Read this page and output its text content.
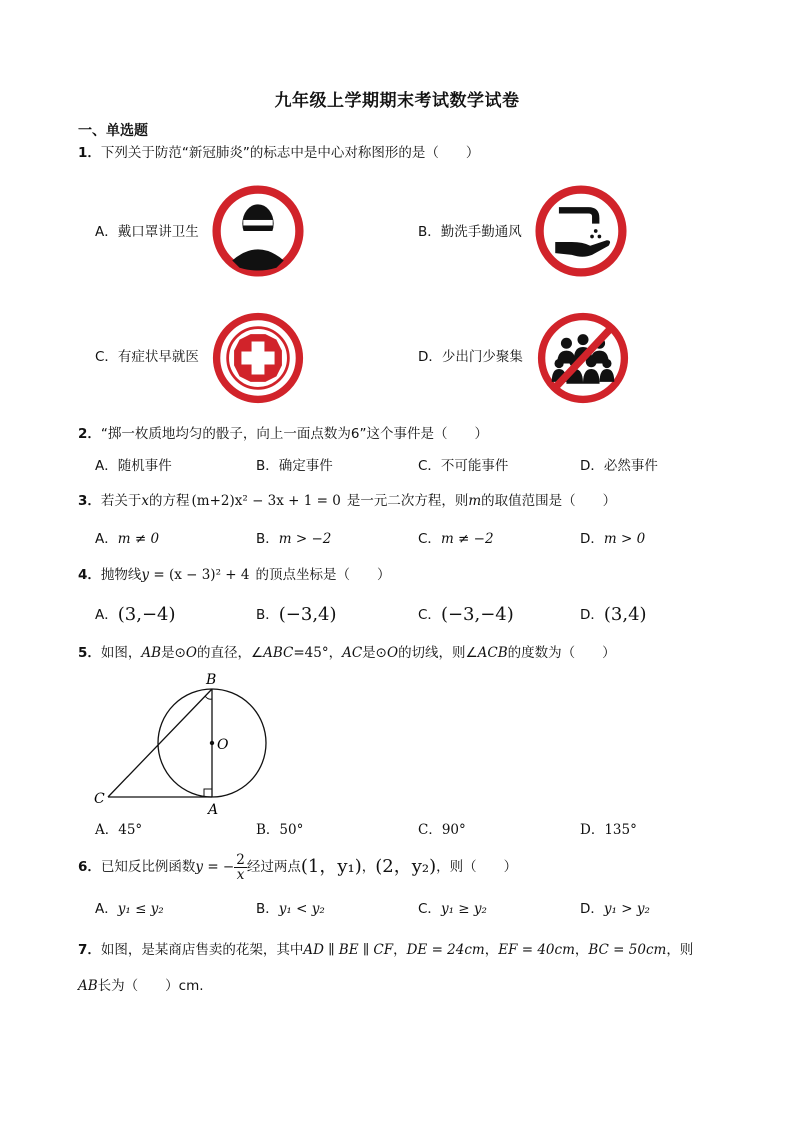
九年级上学期期末考试数学试卷
一、单选题
1．下列关于防范“新冠肺炎”的标志中是中心对称图形的是（　　）
A．戴口罩讲卫生	B．勤洗手勤通风
C．有症状早就医	D．少出门少聚集
2．“掷一枚质地均匀的骰子，向上一面点数为6”这个事件是（　　）
A．随机事件	B．确定事件	C．不可能事件	D．必然事件
3．若关于x的方程 (m+2)x² − 3x + 1 = 0 是一元二次方程，则m的取值范围是（　　）
A．m ≠ 0	B．m > −2	C．m ≠ −2	D．m > 0
4．抛物线y = (x − 3)² + 4 的顶点坐标是（　　）
A．(3,−4)	B．(−3,4)	C．(−3,−4)	D．(3,4)
5．如图，AB是⊙O的直径，∠ABC=45°，AC是⊙O的切线，则∠ACB的度数为（　　）
B
O
C
A
A．45°	B．50°	C．90°	D．135°
6．已知反比例函数y = − $\frac{2}{x}$ 经过两点(1，y₁)，(2，y₂)，则（　　）
A．y₁ ≤ y₂	B．y₁ < y₂	C．y₁ ≥ y₂	D．y₁ > y₂
7．如图，是某商店售卖的花架，其中AD ∥ BE ∥ CF，DE = 24cm，EF = 40cm，BC = 50cm，则
AB长为（　　）cm.
